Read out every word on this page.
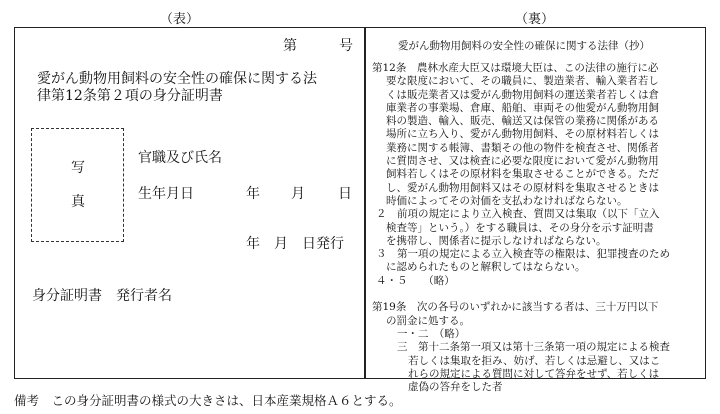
（表）	（裏）
第　　　号
愛がん動物用飼料の安全性の確保に関する法
律第12条第２項の身分証明書
写
真
官職及び氏名
生年月日	年 月 日
年　月　日発行
身分証明書　発行者名
愛がん動物用飼料の安全性の確保に関する法律（抄）
第12条　農林水産大臣又は環境大臣は、この法律の施行に必
要な限度において、その職員に、製造業者、輸入業者若し
くは販売業者又は愛がん動物用飼料の運送業者若しくは倉
庫業者の事業場、倉庫、船舶、車両その他愛がん動物用飼
料の製造、輸入、販売、輸送又は保管の業務に関係がある
場所に立ち入り、愛がん動物用飼料、その原材料若しくは
業務に関する帳簿、書類その他の物件を検査させ、関係者
に質問させ、又は検査に必要な限度において愛がん動物用
飼料若しくはその原材料を集取させることができる。ただ
し、愛がん動物用飼料又はその原材料を集取させるときは
時価によってその対価を支払わなければならない。
２　前項の規定により立入検査、質問又は集取（以下「立入
検査等」という。）をする職員は、その身分を示す証明書
を携帯し、関係者に提示しなければならない。
３　第一項の規定による立入検査等の権限は、犯罪捜査のため
に認められたものと解釈してはならない。
４・５　　（略）
第19条　次の各号のいずれかに該当する者は、三十万円以下
の罰金に処する。
一・二　（略）
三　第十二条第一項又は第十三条第一項の規定による検査
若しくは集取を拒み、妨げ、若しくは忌避し、又はこ
れらの規定による質問に対して答弁をせず、若しくは
虚偽の答弁をした者
備考　この身分証明書の様式の大きさは、日本産業規格Ａ６とする。
